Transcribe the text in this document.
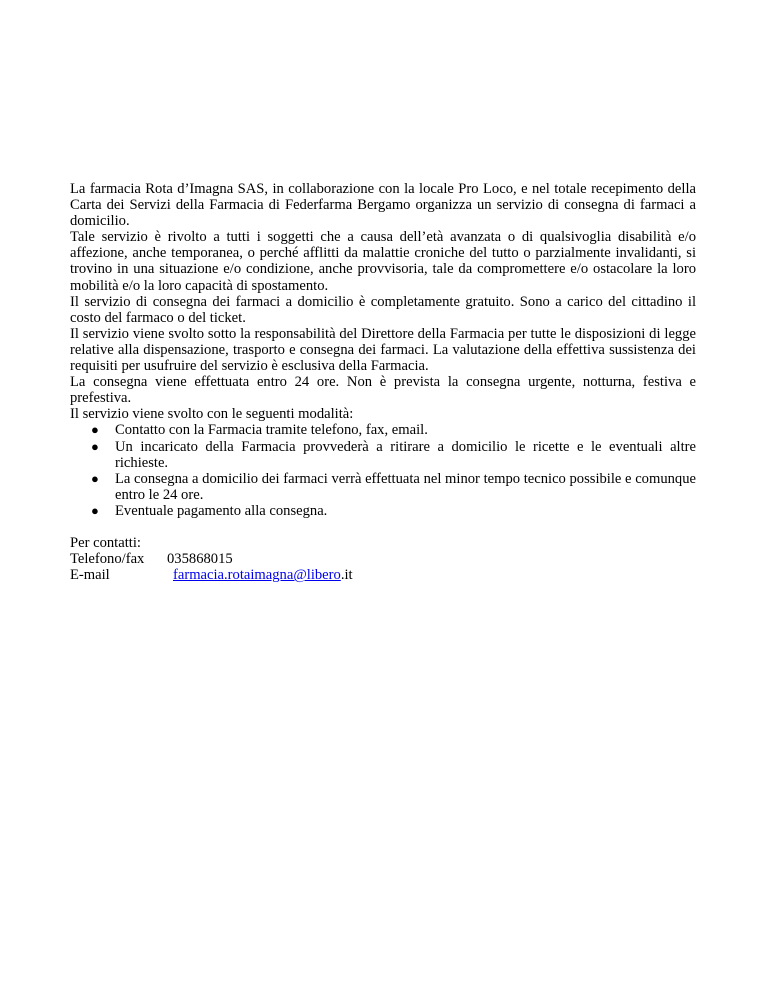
La farmacia Rota d’Imagna SAS, in collaborazione con la locale Pro Loco, e nel totale recepimento della Carta dei Servizi della Farmacia di Federfarma Bergamo organizza un servizio di consegna di farmaci a domicilio.

Tale servizio è rivolto a tutti i soggetti che a causa dell’età avanzata o di qualsivoglia disabilità e/o affezione, anche temporanea, o perché afflitti da malattie croniche del tutto o parzialmente invalidanti, si trovino in una situazione e/o condizione, anche provvisoria, tale da compromettere e/o ostacolare la loro mobilità e/o la loro capacità di spostamento.

Il servizio di consegna dei farmaci a domicilio è completamente gratuito. Sono a carico del cittadino il costo del farmaco o del ticket.

Il servizio viene svolto sotto la responsabilità del Direttore della Farmacia per tutte le disposizioni di legge relative alla dispensazione, trasporto e consegna dei farmaci. La valutazione della effettiva sussistenza dei requisiti per usufruire del servizio è esclusiva della Farmacia.

La consegna viene effettuata entro 24 ore. Non è prevista la consegna urgente, notturna, festiva e prefestiva.

Il servizio viene svolto con le seguenti modalità:

● Contatto con la Farmacia tramite telefono, fax, email.
● Un incaricato della Farmacia provvederà a ritirare a domicilio le ricette e le eventuali altre richieste.
● La consegna a domicilio dei farmaci verrà effettuata nel minor tempo tecnico possibile e comunque entro le 24 ore.
● Eventuale pagamento alla consegna.
Per contatti:
Telefono/fax	035868015
E-mail	farmacia.rotaimagna@libero.it
